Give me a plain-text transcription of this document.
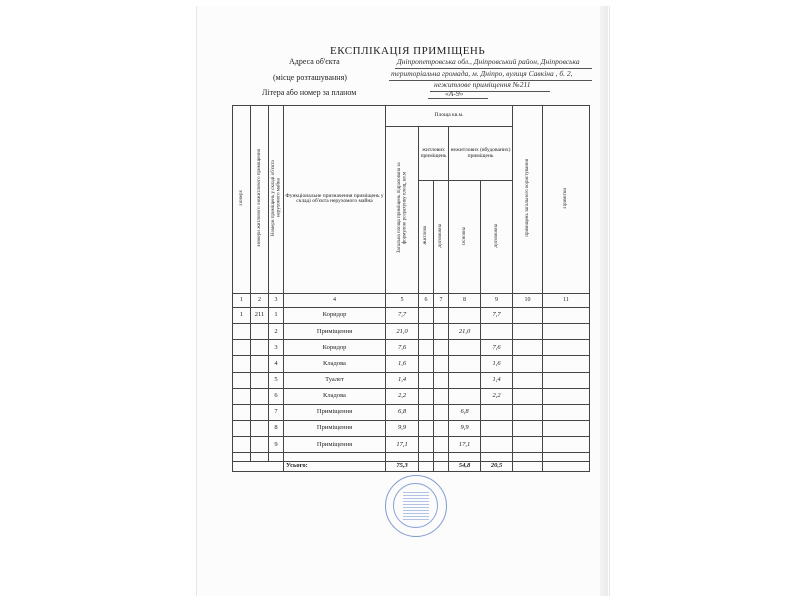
ЕКСПЛІКАЦІЯ ПРИМІЩЕНЬ
Адреса об'єкта
(місце розташування)
Літера або номер за планом
Дніпропетровська обл., Дніпровський район, Дніпровська
територіальна громада, м. Дніпро, вулиця Савкіна , б. 2,
нежитлове приміщення №211
«А-9»
Поверх	Номери житлового /нежитлового приміщення	Номери приміщень у складі об'єкта нерухомого майна	Функціональне призначення приміщень у складі об'єкта нерухомого майна	Площа кв.м.					приміщень загального користування	Примітки
				Загальна площа приміщень підрахована за формулою розрахунку площ, кв.м	житлових приміщень		нежитлових (вбудованих) приміщень			
					Житлова	Допоміжна	Основна	Допоміжна		
1	2	3	4	5	6	7	8	9	10	11
1	211	1	Коридор	7,7				7,7		
		2	Приміщення	21,0			21,0			
		3	Коридор	7,6				7,6		
		4	Кладова	1,6				1,6		
		5	Туалет	1,4				1,4		
		6	Кладова	2,2				2,2		
		7	Приміщення	6,8			6,8			
		8	Приміщення	9,9			9,9			
		9	Приміщення	17,1			17,1			

			Усього:	75,3			54,8	20,5		
